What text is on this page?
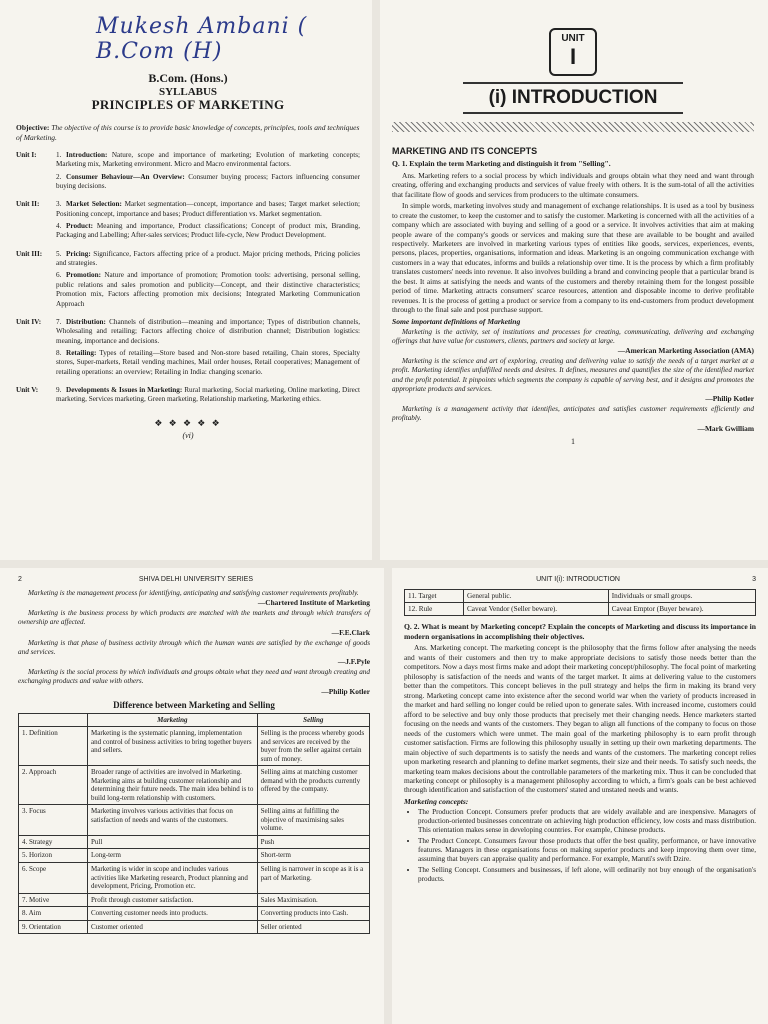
Mukesh Ambani ( B.Com (H)
B.Com. (Hons.)
SYLLABUS
PRINCIPLES OF MARKETING
Objective: The objective of this course is to provide basic knowledge of concepts, principles, tools and techniques of Marketing.
Unit I:	1. Introduction: Nature, scope and importance of marketing; Evolution of marketing concepts; Marketing mix, Marketing environment. Micro and Macro environmental factors.

2. Consumer Behaviour—An Overview: Consumer buying process; Factors influencing consumer buying decisions.

Unit II:	3. Market Selection: Market segmentation—concept, importance and bases; Target market selection; Positioning concept, importance and bases; Product differentiation vs. Market segmentation.

4. Product: Meaning and importance, Product classifications; Concept of product mix, Branding, Packaging and Labelling; After-sales services; Product life-cycle, New Product Development.

Unit III:	5. Pricing: Significance, Factors affecting price of a product. Major pricing methods, Pricing policies and strategies.

6. Promotion: Nature and importance of promotion; Promotion tools: advertising, personal selling, public relations and sales promotion and publicity—Concept, and their distinctive characteristics; Promotion mix, Factors affecting promotion mix decisions; Integrated Marketing Communication Approach

Unit IV:	7. Distribution: Channels of distribution—meaning and importance; Types of distribution channels, Wholesaling and retailing; Factors affecting choice of distribution channel; Distribution logistics: meaning, importance and decisions.

8. Retailing: Types of retailing—Store based and Non-store based retailing, Chain stores, Specialty stores, Super-markets, Retail vending machines, Mail order houses, Retail cooperatives; Management of retailing operations: an overview; Retailing in India: changing scenario.

Unit V:	9. Developments & Issues in Marketing: Rural marketing, Social marketing, Online marketing, Direct marketing, Services marketing, Green marketing, Relationship marketing, Marketing ethics.

❖ ❖ ❖ ❖ ❖
(vi)
UNIT
I
(i) INTRODUCTION
MARKETING AND ITS CONCEPTS

Q. 1. Explain the term Marketing and distinguish it from "Selling".

Ans. Marketing refers to a social process by which individuals and groups obtain what they need and want through creating, offering and exchanging products and services of value freely with others. It is the sum-total of all the activities that facilitate flow of goods and services from producers to the ultimate consumers.

In simple words, marketing involves study and management of exchange relationships. It is used as a tool by business to create the customer, to keep the customer and to satisfy the customer. Marketing is concerned with all the activities of a company which are associated with buying and selling of a good or a service. It involves activities that aim at making people aware of the company's goods or services and making sure that these are available to be bought and availed respectively. Marketers are involved in marketing various types of entities like goods, services, experiences, events, persons, places, properties, organisations, information and ideas. Marketing is an ongoing communication exchange with customers in a way that educates, informs and builds a relationship over time. It is the process by which a firm profitably translates customers' needs into revenue. It also involves building a brand and convincing people that a particular brand is the best. It aims at satisfying the needs and wants of the customers and thereby retaining them for the longest possible period of time. Marketing attracts consumers' scarce resources, attention and disposable income to derive profitable revenues. It is the process of getting a product or service from a company to its end-customers from product development through to the final sale and post purchase support.

Some important definitions of Marketing

Marketing is the activity, set of institutions and processes for creating, communicating, delivering and exchanging offerings that have value for customers, clients, partners and society at large.

—American Marketing Association (AMA)

Marketing is the science and art of exploring, creating and delivering value to satisfy the needs of a target market at a profit. Marketing identifies unfulfilled needs and desires. It defines, measures and quantifies the size of the identified market and the profit potential. It pinpoints which segments the company is capable of serving best, and it designs and promotes the appropriate products and services.

—Philip Kotler

Marketing is a management activity that identifies, anticipates and satisfies customer requirements efficiently and profitably.

—Mark Gwilliam

1
2	SHIVA DELHI UNIVERSITY SERIES

Marketing is the management process for identifying, anticipating and satisfying customer requirements profitably.

—Chartered Institute of Marketing

Marketing is the business process by which products are matched with the markets and through which transfers of ownership are affected.

—F.E.Clark

Marketing is that phase of business activity through which the human wants are satisfied by the exchange of goods and services.

—J.F.Pyle

Marketing is the social process by which individuals and groups obtain what they need and want through creating and exchanging products and value with others.

—Philip Kotler

Difference between Marketing and Selling
	Marketing	Selling
1. Definition	Marketing is the systematic planning, implementation and control of business activities to bring together buyers and sellers.	Selling is the process whereby goods and services are received by the buyer from the seller against certain sum of money.
2. Approach	Broader range of activities are involved in Marketing. Marketing aims at building customer relationship and determining their future needs. The main idea behind is to build long-term relationship with customers.	Selling aims at matching customer demand with the products currently offered by the company.
3. Focus	Marketing involves various activities that focus on satisfaction of needs and wants of the customers.	Selling aims at fulfilling the objective of maximising sales volume.
4. Strategy	Pull	Push
5. Horizon	Long-term	Short-term
6. Scope	Marketing is wider in scope and includes various activities like Marketing research, Product planning and development, Pricing, Promotion etc.	Selling is narrower in scope as it is a part of Marketing.
7. Motive	Profit through customer satisfaction.	Sales Maximisation.
8. Aim	Converting customer needs into products.	Converting products into Cash.
9. Orientation	Customer oriented	Seller oriented
UNIT I(i): INTRODUCTION	3
11. Target	General public.	Individuals or small groups.
12. Rule	Caveat Vendor (Seller beware).	Caveat Emptor (Buyer beware).

Q. 2. What is meant by Marketing concept? Explain the concepts of Marketing and discuss its importance in modern organisations in accomplishing their objectives.

Ans. Marketing concept. The marketing concept is the philosophy that the firms follow after analysing the needs and wants of their customers and then try to make appropriate decisions to satisfy those needs better than the competitors. Now a days most firms make and adopt their marketing concept/philosophy. The focal point of marketing philosophy is satisfaction of the needs and wants of the target market. It aims at delivering value to the customers better than the competitors. This concept believes in the pull strategy and helps the firm in making its brand very strong. Marketing concept came into existence after the second world war when the variety of products increased in the market and hard selling no longer could be relied upon to generate sales. With increased income, customers could afford to be selective and buy only those products that precisely met their changing needs. Hence marketers started focusing on the needs and wants of the customers. They began to align all functions of the company to focus on those needs of the customers which were unmet. The main goal of the marketing philosophy is to earn profit through customer satisfaction. Firms are following this philosophy usually in setting up their own marketing departments. The main objective of such departments is to satisfy the needs and wants of the customers. The marketing concept relies upon marketing research and planning to define market segments, their size and their needs. To satisfy such needs, the marketing team makes decisions about the controllable parameters of the marketing mix. Thus it can be concluded that marketing concept or philosophy is a management philosophy according to which, a firm's goals can be best achieved through identification and satisfaction of the customers' stated and unstated needs and wants.

Marketing concepts:
• The Production Concept. Consumers prefer products that are widely available and are inexpensive. Managers of production-oriented businesses concentrate on achieving high production efficiency, low costs and mass distribution. This orientation makes sense in developing countries. For example, Chinese products.
• The Product Concept. Consumers favour those products that offer the best quality, performance, or have innovative features. Managers in these organisations focus on making superior products and keep improving them over time, assuming that buyers can appraise quality and performance. For example, Maruti's swift Dzire.
• The Selling Concept. Consumers and businesses, if left alone, will ordinarily not buy enough of the organisation's products.
